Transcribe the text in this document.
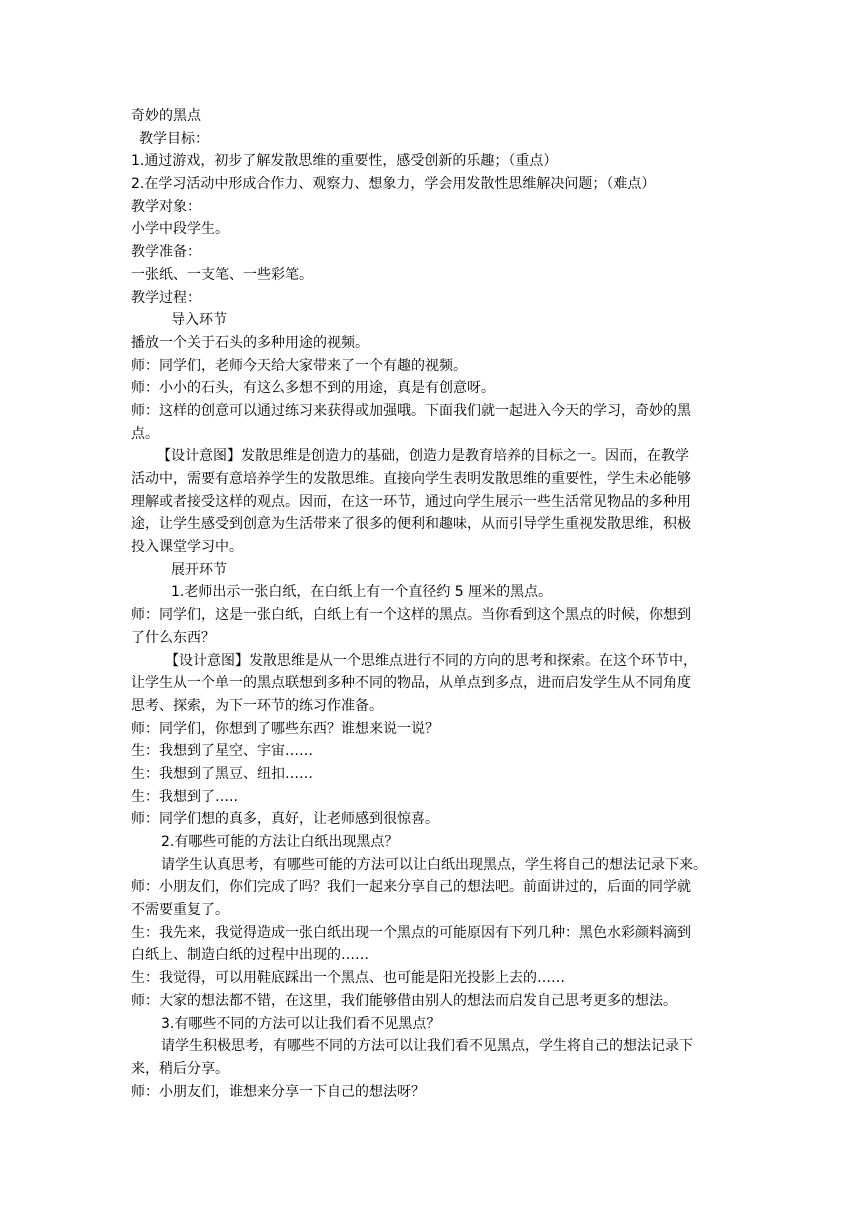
奇妙的黑点
教学目标：
1.通过游戏，初步了解发散思维的重要性，感受创新的乐趣；（重点）
2.在学习活动中形成合作力、观察力、想象力，学会用发散性思维解决问题；（难点）
教学对象：
小学中段学生。
教学准备：
一张纸、一支笔、一些彩笔。
教学过程：
导入环节
播放一个关于石头的多种用途的视频。
师：同学们，老师今天给大家带来了一个有趣的视频。
师：小小的石头，有这么多想不到的用途，真是有创意呀。
师：这样的创意可以通过练习来获得或加强哦。下面我们就一起进入今天的学习，奇妙的黑
点。
【设计意图】发散思维是创造力的基础，创造力是教育培养的目标之一。因而，在教学
活动中，需要有意培养学生的发散思维。直接向学生表明发散思维的重要性，学生未必能够
理解或者接受这样的观点。因而，在这一环节，通过向学生展示一些生活常见物品的多种用
途，让学生感受到创意为生活带来了很多的便利和趣味，从而引导学生重视发散思维，积极
投入课堂学习中。
展开环节
1.老师出示一张白纸，在白纸上有一个直径约 5 厘米的黑点。
师：同学们，这是一张白纸，白纸上有一个这样的黑点。当你看到这个黑点的时候，你想到
了什么东西？
【设计意图】发散思维是从一个思维点进行不同的方向的思考和探索。在这个环节中，
让学生从一个单一的黑点联想到多种不同的物品，从单点到多点，进而启发学生从不同角度
思考、探索，为下一环节的练习作准备。
师：同学们，你想到了哪些东西？谁想来说一说？
生：我想到了星空、宇宙……
生：我想到了黑豆、纽扣……
生：我想到了…..
师：同学们想的真多，真好，让老师感到很惊喜。
2.有哪些可能的方法让白纸出现黑点？
请学生认真思考，有哪些可能的方法可以让白纸出现黑点，学生将自己的想法记录下来。
师：小朋友们，你们完成了吗？我们一起来分享自己的想法吧。前面讲过的，后面的同学就
不需要重复了。
生：我先来，我觉得造成一张白纸出现一个黑点的可能原因有下列几种：黑色水彩颜料滴到
白纸上、制造白纸的过程中出现的……
生：我觉得，可以用鞋底踩出一个黑点、也可能是阳光投影上去的……
师：大家的想法都不错，在这里，我们能够借由别人的想法而启发自己思考更多的想法。
3.有哪些不同的方法可以让我们看不见黑点？
请学生积极思考，有哪些不同的方法可以让我们看不见黑点，学生将自己的想法记录下
来，稍后分享。
师：小朋友们，谁想来分享一下自己的想法呀？
